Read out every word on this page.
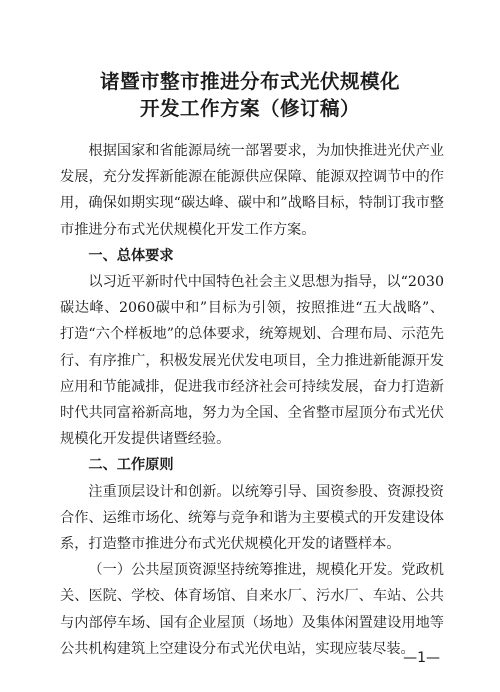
诸暨市整市推进分布式光伏规模化
开发工作方案（修订稿）

根据国家和省能源局统一部署要求，为加快推进光伏产业发展，充分发挥新能源在能源供应保障、能源双控调节中的作用，确保如期实现“碳达峰、碳中和”战略目标，特制订我市整市推进分布式光伏规模化开发工作方案。

一、总体要求

以习近平新时代中国特色社会主义思想为指导，以“2030碳达峰、2060碳中和”目标为引领，按照推进“五大战略”、打造“六个样板地”的总体要求，统筹规划、合理布局、示范先行、有序推广，积极发展光伏发电项目，全力推进新能源开发应用和节能减排，促进我市经济社会可持续发展，奋力打造新时代共同富裕新高地，努力为全国、全省整市屋顶分布式光伏规模化开发提供诸暨经验。

二、工作原则

注重顶层设计和创新。以统筹引导、国资参股、资源投资合作、运维市场化、统筹与竞争和谐为主要模式的开发建设体系，打造整市推进分布式光伏规模化开发的诸暨样本。

（一）公共屋顶资源坚持统筹推进，规模化开发。党政机关、医院、学校、体育场馆、自来水厂、污水厂、车站、公共与内部停车场、国有企业屋顶（场地）及集体闲置建设用地等公共机构建筑上空建设分布式光伏电站，实现应装尽装。

—1—
